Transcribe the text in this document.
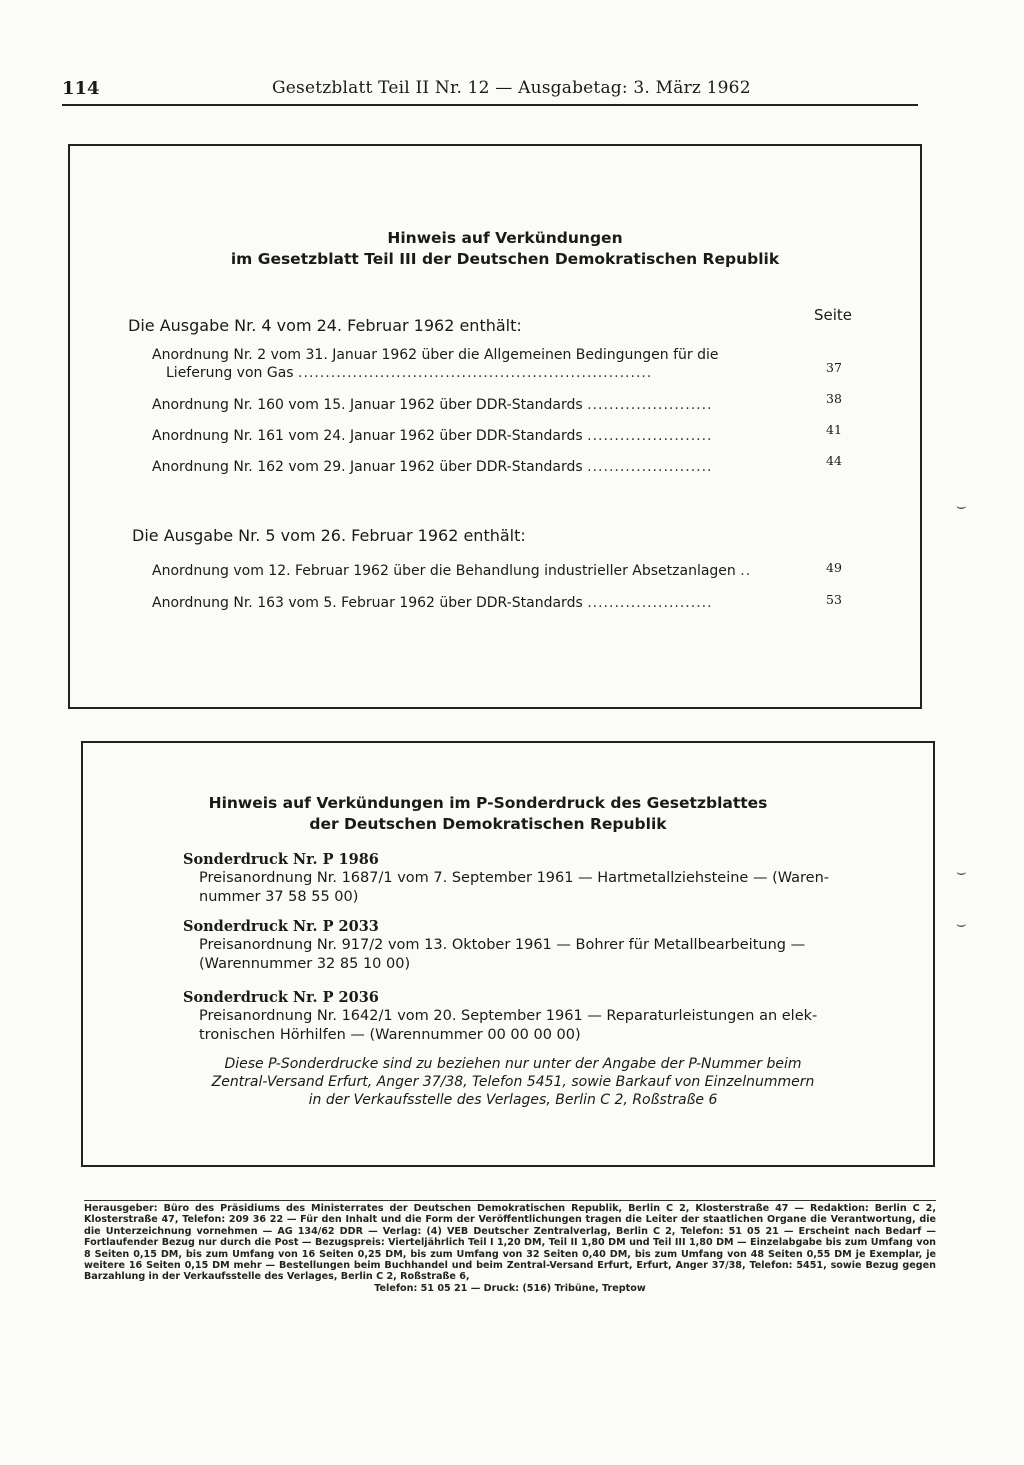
114	Gesetzblatt Teil II Nr. 12 — Ausgabetag: 3. März 1962
Hinweis auf Verkündungen
im Gesetzblatt Teil III der Deutschen Demokratischen Republik
Seite
Die Ausgabe Nr. 4 vom 24. Februar 1962 enthält:
Anordnung Nr. 2 vom 31. Januar 1962 über die Allgemeinen Bedingungen für die
Lieferung von Gas .................................................................	37
Anordnung Nr. 160 vom 15. Januar 1962 über DDR-Standards .......................	38
Anordnung Nr. 161 vom 24. Januar 1962 über DDR-Standards .......................	41
Anordnung Nr. 162 vom 29. Januar 1962 über DDR-Standards .......................	44
Die Ausgabe Nr. 5 vom 26. Februar 1962 enthält:
Anordnung vom 12. Februar 1962 über die Behandlung industrieller Absetzanlagen ..	49
Anordnung Nr. 163 vom 5. Februar 1962 über DDR-Standards .......................	53
Hinweis auf Verkündungen im P-Sonderdruck des Gesetzblattes
der Deutschen Demokratischen Republik
Sonderdruck Nr. P 1986
Preisanordnung Nr. 1687/1 vom 7. September 1961 — Hartmetallziehsteine — (Waren-
nummer 37 58 55 00)
Sonderdruck Nr. P 2033
Preisanordnung Nr. 917/2 vom 13. Oktober 1961 — Bohrer für Metallbearbeitung —
(Warennummer 32 85 10 00)
Sonderdruck Nr. P 2036
Preisanordnung Nr. 1642/1 vom 20. September 1961 — Reparaturleistungen an elek-
tronischen Hörhilfen — (Warennummer 00 00 00 00)
Diese P-Sonderdrucke sind zu beziehen nur unter der Angabe der P-Nummer beim
Zentral-Versand Erfurt, Anger 37/38, Telefon 5451, sowie Barkauf von Einzelnummern
in der Verkaufsstelle des Verlages, Berlin C 2, Roßstraße 6
Herausgeber: Büro des Präsidiums des Ministerrates der Deutschen Demokratischen Republik, Berlin C 2, Klosterstraße 47 — Redaktion: Berlin C 2, Klosterstraße 47, Telefon: 209 36 22 — Für den Inhalt und die Form der Veröffentlichungen tragen die Leiter der staatlichen Organe die Verantwortung, die die Unterzeichnung vornehmen — AG 134/62 DDR — Verlag: (4) VEB Deutscher Zentralverlag, Berlin C 2, Telefon: 51 05 21 — Erscheint nach Bedarf — Fortlaufender Bezug nur durch die Post — Bezugspreis: Vierteljährlich Teil I 1,20 DM, Teil II 1,80 DM und Teil III 1,80 DM — Einzelabgabe bis zum Umfang von 8 Seiten 0,15 DM, bis zum Umfang von 16 Seiten 0,25 DM, bis zum Umfang von 32 Seiten 0,40 DM, bis zum Umfang von 48 Seiten 0,55 DM je Exemplar, je weitere 16 Seiten 0,15 DM mehr — Bestellungen beim Buchhandel und beim Zentral-Versand Erfurt, Erfurt, Anger 37/38, Telefon: 5451, sowie Bezug gegen Barzahlung in der Verkaufsstelle des Verlages, Berlin C 2, Roßstraße 6,
Telefon: 51 05 21 — Druck: (516) Tribüne, Treptow
⌣
⌣
⌣
